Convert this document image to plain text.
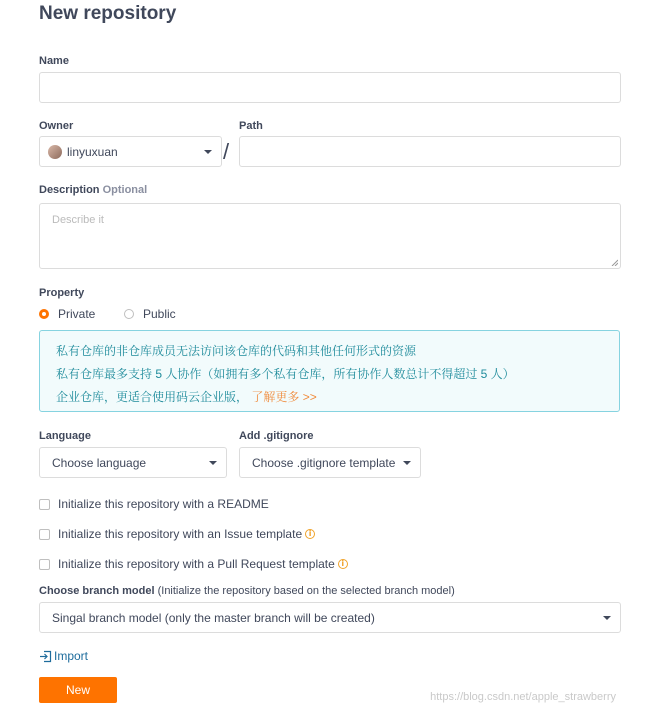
New repository
Name
Owner
linyuxuan	/
Path
Description Optional
Describe it
Property
Private	Public
私有仓库的非仓库成员无法访问该仓库的代码和其他任何形式的资源
私有仓库最多支持 5 人协作（如拥有多个私有仓库，所有协作人数总计不得超过 5 人）
企业仓库，更适合使用码云企业版， 了解更多 >>
Language
Choose language
Add .gitignore
Choose .gitignore template
Initialize this repository with a README
Initialize this repository with an Issue template i
Initialize this repository with a Pull Request template i
Choose branch model (Initialize the repository based on the selected branch model)
Singal branch model (only the master branch will be created)
Import
New	https://blog.csdn.net/apple_strawberry
